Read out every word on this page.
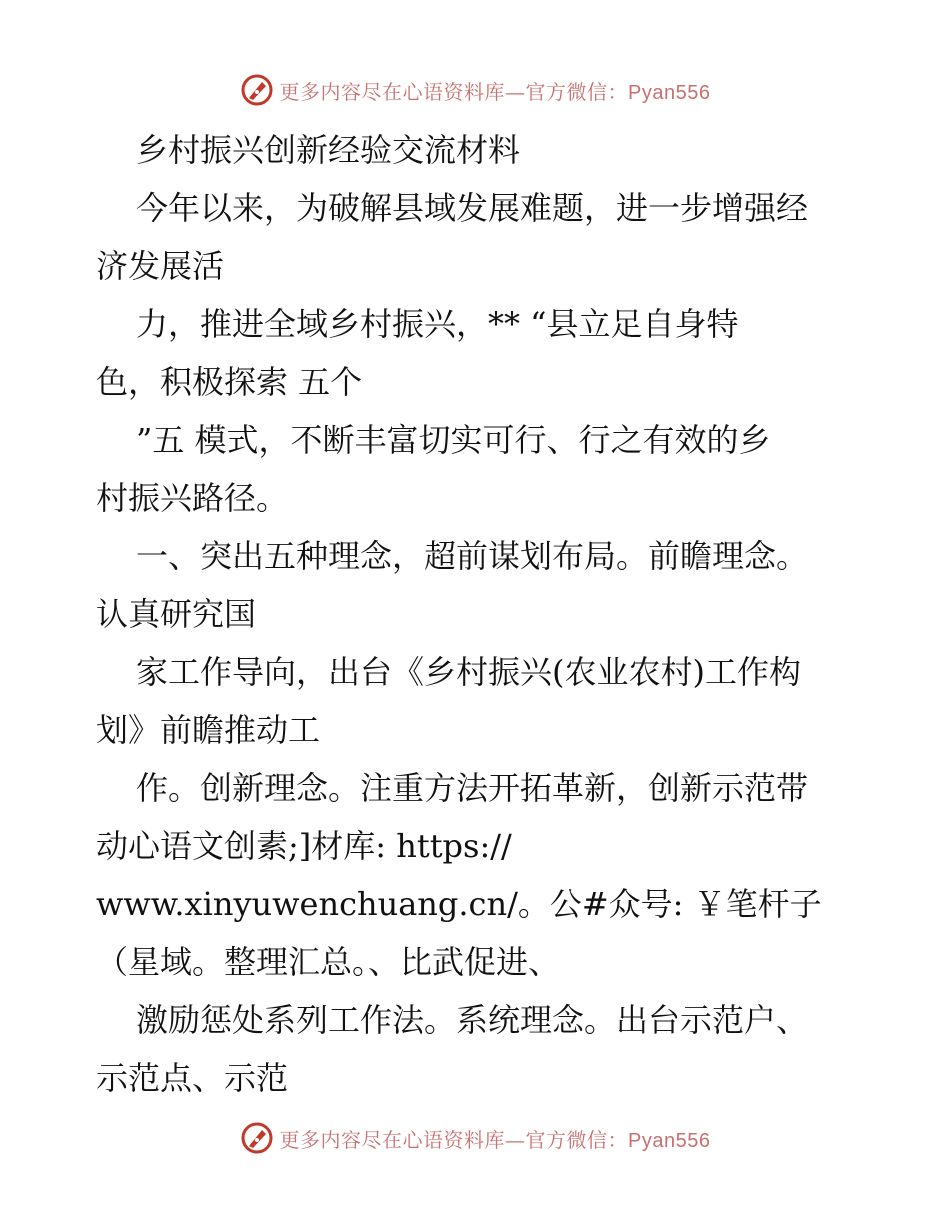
更多内容尽在心语资料库—官方微信：Pyan556
乡村振兴创新经验交流材料
今年以来，为破解县域发展难题，进一步增强经
济发展活
力，推进全域乡村振兴，** “县立足自身特
色，积极探索 五个
”五 模式，不断丰富切实可行、行之有效的乡
村振兴路径。
一、突出五种理念，超前谋划布局。前瞻理念。
认真研究国
家工作导向，出台《乡村振兴(农业农村)工作构
划》前瞻推动工
作。创新理念。注重方法开拓革新，创新示范带
动心语文创素;]材库: https://
www.xinyuwenchuang.cn/。公#众号: ￥笔杆子
（星域。整理汇总。、比武促进、
激励惩处系列工作法。系统理念。出台示范户、
示范点、示范
更多内容尽在心语资料库—官方微信：Pyan556
